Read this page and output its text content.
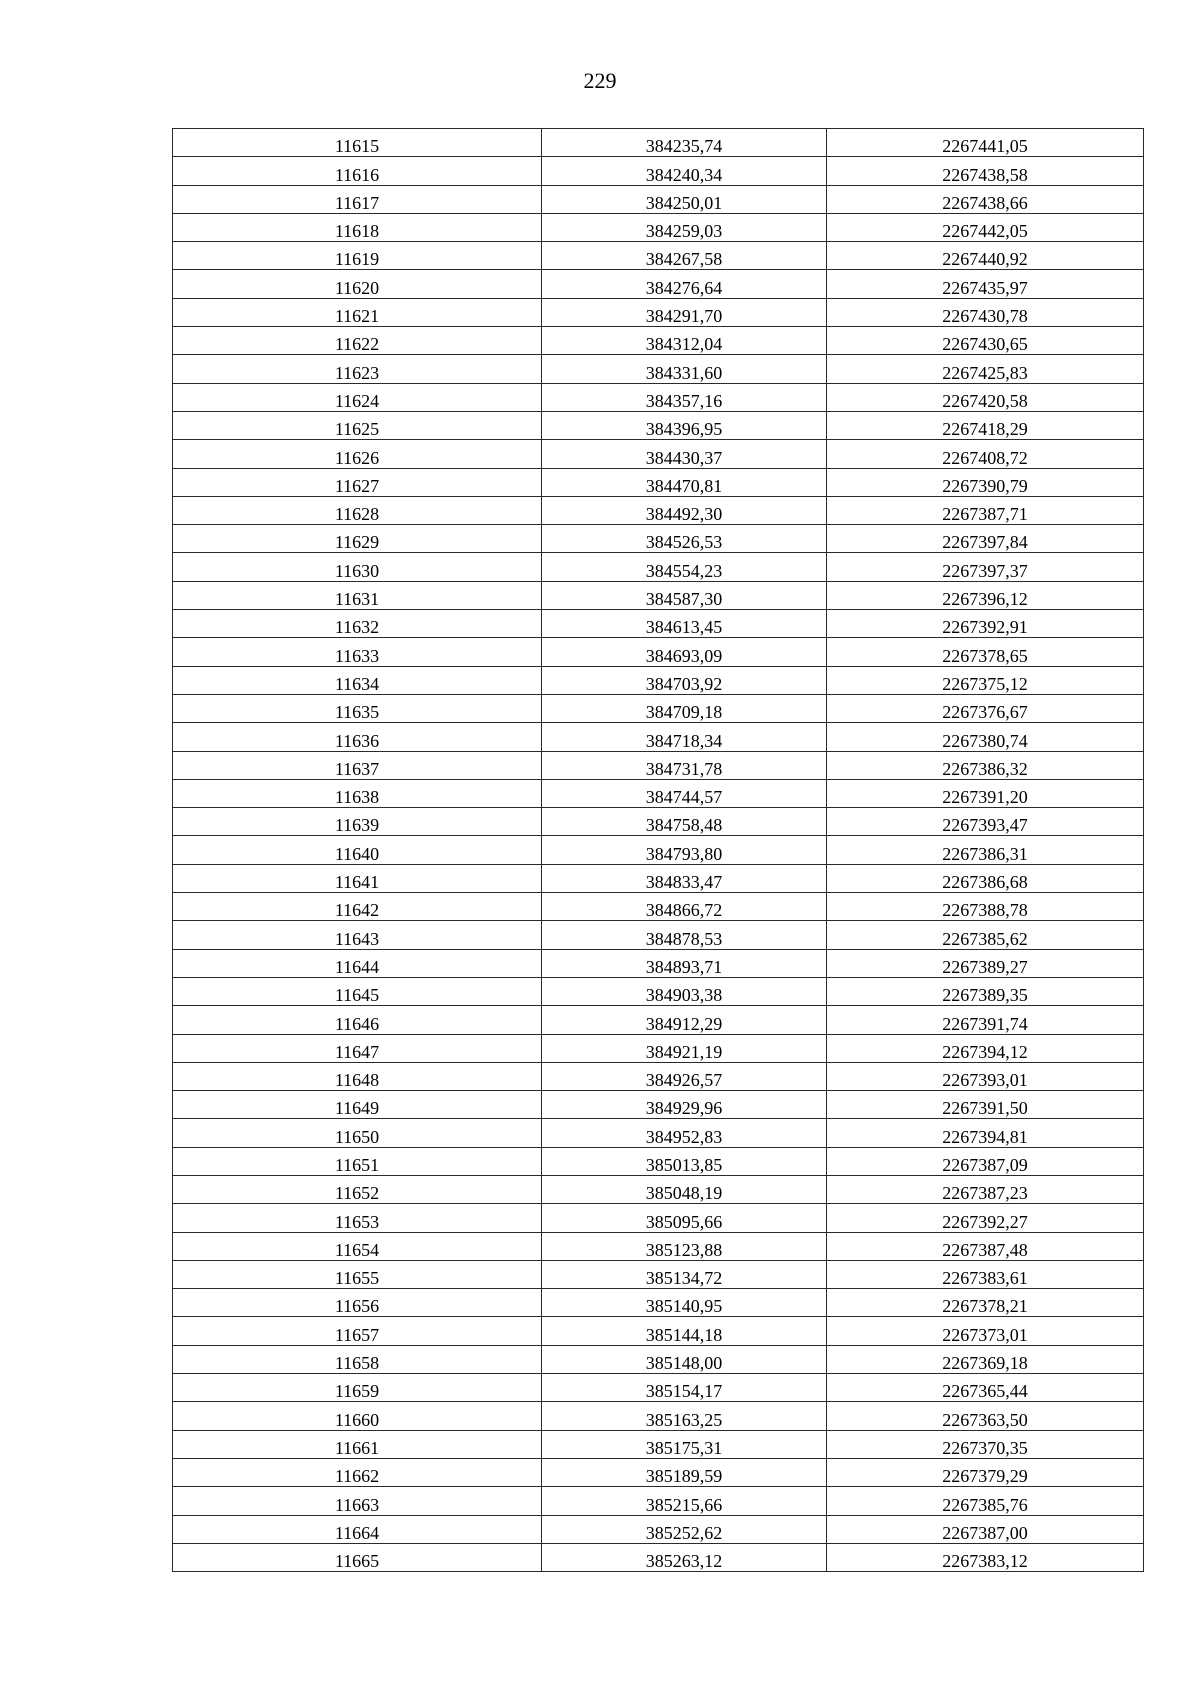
229
11615	384235,74	2267441,05
11616	384240,34	2267438,58
11617	384250,01	2267438,66
11618	384259,03	2267442,05
11619	384267,58	2267440,92
11620	384276,64	2267435,97
11621	384291,70	2267430,78
11622	384312,04	2267430,65
11623	384331,60	2267425,83
11624	384357,16	2267420,58
11625	384396,95	2267418,29
11626	384430,37	2267408,72
11627	384470,81	2267390,79
11628	384492,30	2267387,71
11629	384526,53	2267397,84
11630	384554,23	2267397,37
11631	384587,30	2267396,12
11632	384613,45	2267392,91
11633	384693,09	2267378,65
11634	384703,92	2267375,12
11635	384709,18	2267376,67
11636	384718,34	2267380,74
11637	384731,78	2267386,32
11638	384744,57	2267391,20
11639	384758,48	2267393,47
11640	384793,80	2267386,31
11641	384833,47	2267386,68
11642	384866,72	2267388,78
11643	384878,53	2267385,62
11644	384893,71	2267389,27
11645	384903,38	2267389,35
11646	384912,29	2267391,74
11647	384921,19	2267394,12
11648	384926,57	2267393,01
11649	384929,96	2267391,50
11650	384952,83	2267394,81
11651	385013,85	2267387,09
11652	385048,19	2267387,23
11653	385095,66	2267392,27
11654	385123,88	2267387,48
11655	385134,72	2267383,61
11656	385140,95	2267378,21
11657	385144,18	2267373,01
11658	385148,00	2267369,18
11659	385154,17	2267365,44
11660	385163,25	2267363,50
11661	385175,31	2267370,35
11662	385189,59	2267379,29
11663	385215,66	2267385,76
11664	385252,62	2267387,00
11665	385263,12	2267383,12
